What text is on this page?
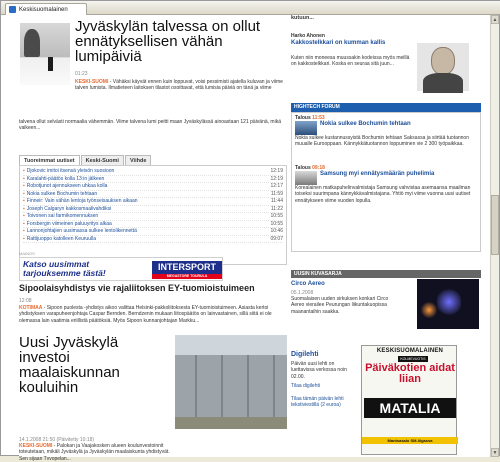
Keskisuomalainen
Jyväskylän talvessa on ollut ennätyksellisen vähän lumipäiviä
01:23
KESKI-SUOMI - Vähäksi käyvät ennen kuin loppuvat, voisi pessimisti ajatella kuluvan ja viime talven lumista. Ilmatieteen laitoksen tilastot osoittavat, että lumisia päiviä on tänä ja viime
talvena ollut selvästi normaalia vähemmän. Viime talvena lumi peitti maan Jyväskylässä ainoastaan 121 päivänä, mikä vaikeen...
Tuoreimmat uutiset	Keski-Suomi	Viihde
▪ Djokovic imitoi itsensä yleisön suosioon	12:19
▪ Karalahti-päätös kolla 13:in jälkeen	12:19
▪ Robotjunot ajennukseen uhkaa kolla	12:17
▪ Nokia sulkee Bochumin tehtaan	11:59
▪ Finneir: Vain vähän lentoja työnseisauksen aikaan	11:44
▪ Joseph Calgaryn kakkosmaalivahdiksi	11:22
▪ Toivonen sai farmikomennuksen	10:55
▪ Forsbergin viimeinen paluuyritys alkaa	10:55
▪ Lannonjohtajien uusimassa sulkee lentolikennettä	10:46
▪ Rattijuoppo katolleen Keuruulla	09:07
MAINOS
Katso uusimmat tarjouksemme tästä!
INTERSPORT
MEGASTORE TOURULA
Sipoolaisyhdistys vie rajaliitoksen EY-tuomioistuimeen
12:08
KOTIMAA - Sipoon puolesta -yhdistys aikoo valittaa Helsinki-pakkoliitoksesta EY-tuomioistuimeen. Asiasta kertoi yhdistyksen varapuheenjohtaja Caspar Bernden. Berndzenin mukaan liitospäätös on lainvastainen, sillä siitä ei ole olemassa lain vaatimia eriillistä päätöksiä. Myös Sipoon kunnanjohtajan Markku...
Uusi Jyväskylä investoi maalaiskunnan kouluihin
14.1.2008 21:50 (Päivitetty 10:18)
KESKI-SUOMI - Palokan ja Vaajakosken alueen koulunvestoinnit toteutetaan, mikäli Jyväskylä ja Jyväskylän maalaiskunta yhdistyvät. Sen sijaan Tvvopelan...
kutuun...
Harko Ahonen
Kakkostelkkari on kumman kallis
Kuten niin moneesa muussakin kodeissa myös meillä on kakkostelkkari. Koska en seuraa sitä juun...
HIGHTECH FORUM
Talous 11:53
Nokia sulkee Bochumin tehtaan
Nokia sulkee kustannussyistä Bochumin tehtaan Saksassa ja siirtää tuotannon muualle Eurooppaan. Kännykkätuotannon loppuminen vie 2 300 työpaikkaa.
Talous 09:18
Samsung myi ennätysmäärän puhelimia
Korealainen matkapuhelinvalmistaja Samsung vahvistaa asemaansa maailman toiseksi suurimpana kännykkävalmistajana. Yhtiö myi viime vuonna uusi uutiset ennätykseen viime vuoden lopulla.
UUSIN KUVASARJA
Circo Aereo
05.1.2008
Suomalaisen uuden sirkuksen konkari Circo Aereo vierailee Peurungan liikuntakuopissa maanantaihin saakka.
Digilehti
Päivän uusi lehti on luettavissa verkossa noin 02.00.
Tilaa digilehti
Tilaa tämän päivän lehti tekstiviestillä (2 euroa)
KESKISUOMALAINEN
KOLMEVUOTIS
Päiväkotien aidat liian
MATALIA
Mantsasalo SM-liigassa
▲
▼
